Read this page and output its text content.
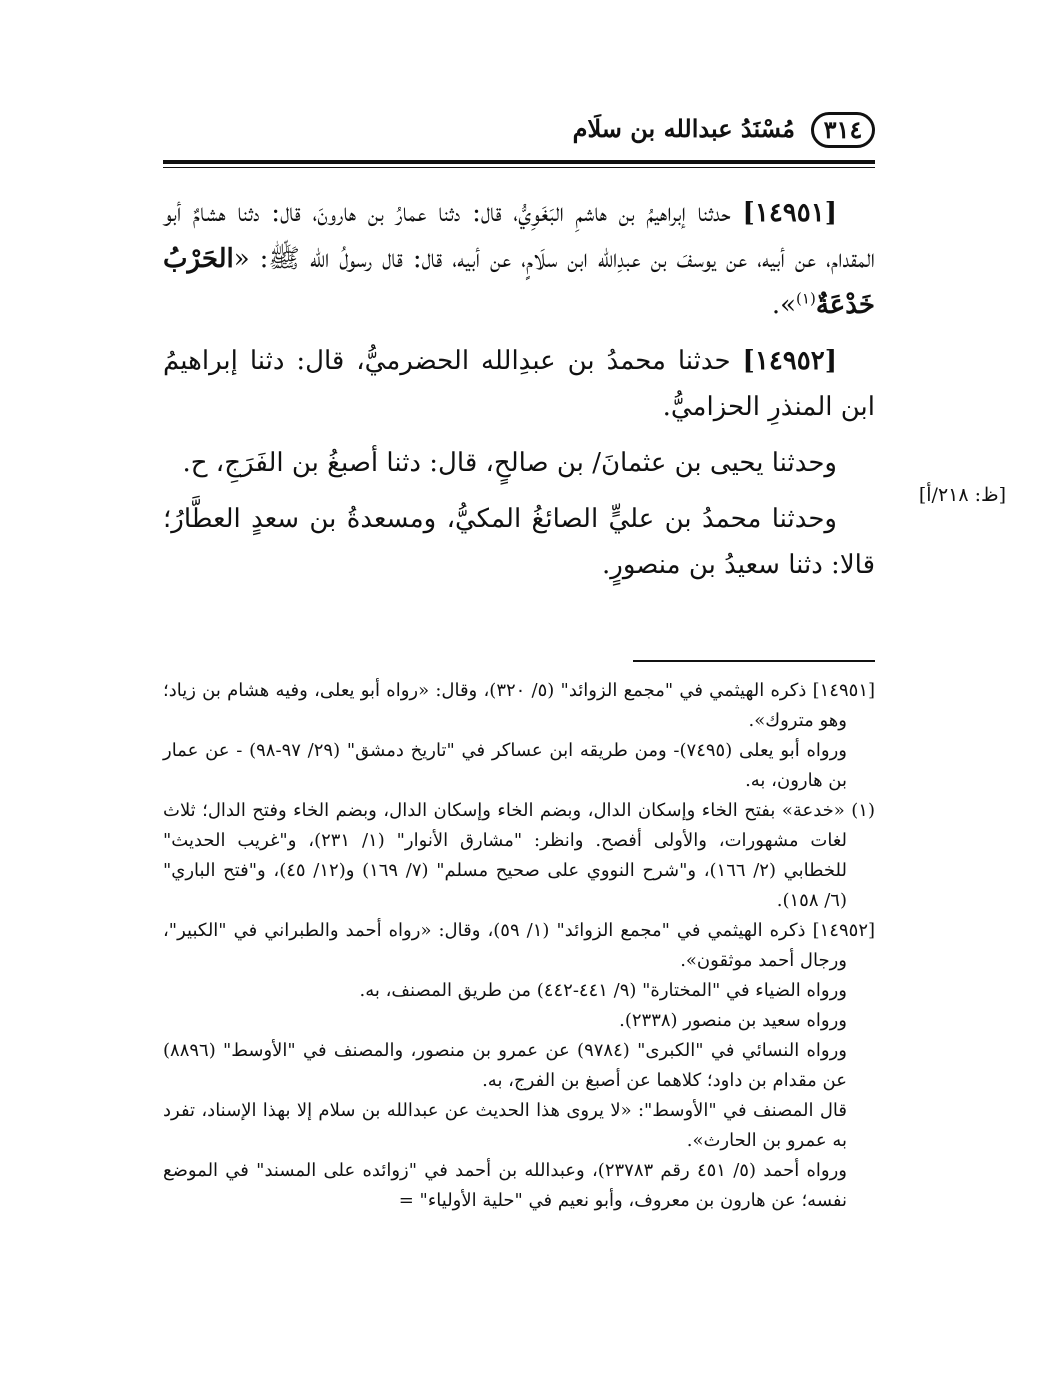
٣١٤
مُسْنَدُ عبدالله بن سلَام

[١٤٩٥١] حدثنا إبراهيمُ بن هاشمِ البَغَوِيُّ، قال: دثنا عمارُ بن هارونَ، قال: دثنا هشامٌ أبو المقدام، عن أبيه، عن يوسفَ بن عبدِالله ابن سلَامٍ، عن أبيه، قال: قال رسولُ الله ﷺ: «الحَرْبُ خَدْعَةٌ$^{(١)}$».

[١٤٩٥٢] حدثنا محمدُ بن عبدِالله الحضرميُّ، قال: دثنا إبراهيمُ ابن المنذرِ الحزاميُّ.

وحدثنا يحيى بن عثمانَ/ بن صالحٍ، قال: دثنا أصبغُ بن الفَرَجِ، ح.

وحدثنا محمدُ بن عليٍّ الصائغُ المكيُّ، ومسعدةُ بن سعدٍ العطَّارُ؛ قالا: دثنا سعيدُ بن منصورٍ.

[ظ: ٢١٨/أ]

[١٤٩٥١] ذكره الهيثمي في "مجمع الزوائد" (٥/ ٣٢٠)، وقال: «رواه أبو يعلى، وفيه هشام بن زياد؛ وهو متروك».

ورواه أبو يعلى (٧٤٩٥)- ومن طريقه ابن عساكر في "تاريخ دمشق" (٢٩/ ٩٧-٩٨) - عن عمار بن هارون، به.

(١) «خدعة» بفتح الخاء وإسكان الدال، وبضم الخاء وإسكان الدال، وبضم الخاء وفتح الدال؛ ثلاث لغات مشهورات، والأولى أفصح. وانظر: "مشارق الأنوار" (١/ ٢٣١)، و"غريب الحديث" للخطابي (٢/ ١٦٦)، و"شرح النووي على صحيح مسلم" (٧/ ١٦٩) و(١٢/ ٤٥)، و"فتح الباري" (٦/ ١٥٨).

[١٤٩٥٢] ذكره الهيثمي في "مجمع الزوائد" (١/ ٥٩)، وقال: «رواه أحمد والطبراني في "الكبير"، ورجال أحمد موثقون».

ورواه الضياء في "المختارة" (٩/ ٤٤١-٤٤٢) من طريق المصنف، به.

ورواه سعيد بن منصور (٢٣٣٨).

ورواه النسائي في "الكبرى" (٩٧٨٤) عن عمرو بن منصور، والمصنف في "الأوسط" (٨٨٩٦) عن مقدام بن داود؛ كلاهما عن أصبغ بن الفرج، به.

قال المصنف في "الأوسط": «لا يروى هذا الحديث عن عبدالله بن سلام إلا بهذا الإسناد، تفرد به عمرو بن الحارث».

ورواه أحمد (٥/ ٤٥١ رقم ٢٣٧٨٣)، وعبدالله بن أحمد في "زوائده على المسند" في الموضع نفسه؛ عن هارون بن معروف، وأبو نعيم في "حلية الأولياء" =
